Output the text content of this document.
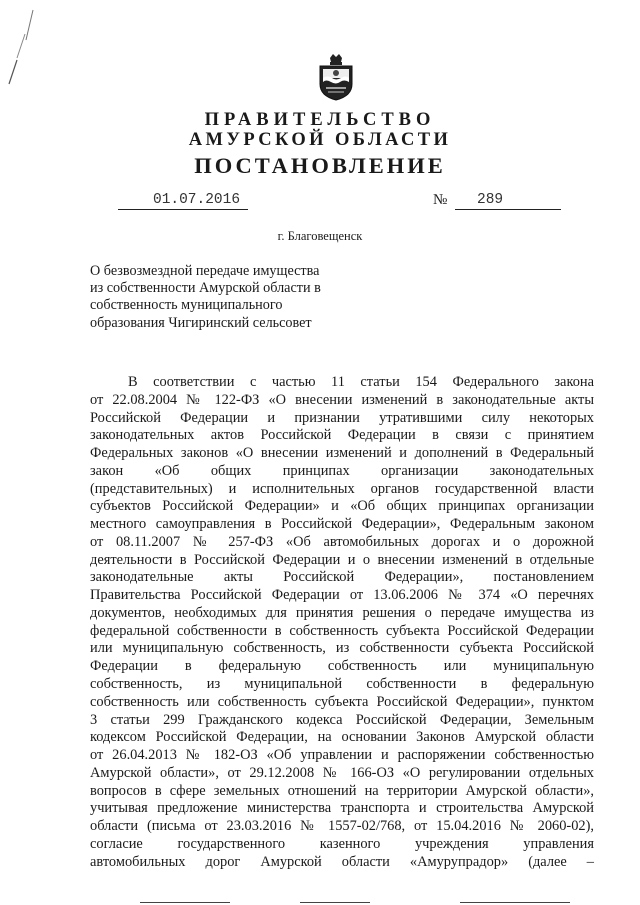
ПРАВИТЕЛЬСТВО
АМУРСКОЙ ОБЛАСТИ
ПОСТАНОВЛЕНИЕ
01.07.2016	№ 289
г. Благовещенск
О безвозмездной передаче имущества
из собственности Амурской области в
собственность муниципального
образования Чигиринский сельсовет
В соответствии с частью 11 статьи 154 Федерального закона
от 22.08.2004 № 122-ФЗ «О внесении изменений в законодательные акты
Российской Федерации и признании утратившими силу некоторых
законодательных актов Российской Федерации в связи с принятием
Федеральных законов «О внесении изменений и дополнений в Федеральный
закон «Об общих принципах организации законодательных
(представительных) и исполнительных органов государственной власти
субъектов Российской Федерации» и «Об общих принципах организации
местного самоуправления в Российской Федерации», Федеральным законом
от 08.11.2007 № 257-ФЗ «Об автомобильных дорогах и о дорожной
деятельности в Российской Федерации и о внесении изменений в отдельные
законодательные акты Российской Федерации», постановлением
Правительства Российской Федерации от 13.06.2006 № 374 «О перечнях
документов, необходимых для принятия решения о передаче имущества из
федеральной собственности в собственность субъекта Российской Федерации
или муниципальную собственность, из собственности субъекта Российской
Федерации в федеральную собственность или муниципальную
собственность, из муниципальной собственности в федеральную
собственность или собственность субъекта Российской Федерации», пунктом
3 статьи 299 Гражданского кодекса Российской Федерации, Земельным
кодексом Российской Федерации, на основании Законов Амурской области
от 26.04.2013 № 182-ОЗ «Об управлении и распоряжении собственностью
Амурской области», от 29.12.2008 № 166-ОЗ «О регулировании отдельных
вопросов в сфере земельных отношений на территории Амурской области»,
учитывая предложение министерства транспорта и строительства Амурской
области (письма от 23.03.2016 № 1557-02/768, от 15.04.2016 № 2060-02),
согласие государственного казенного учреждения управления
автомобильных дорог Амурской области «Амурупрадор» (далее –
